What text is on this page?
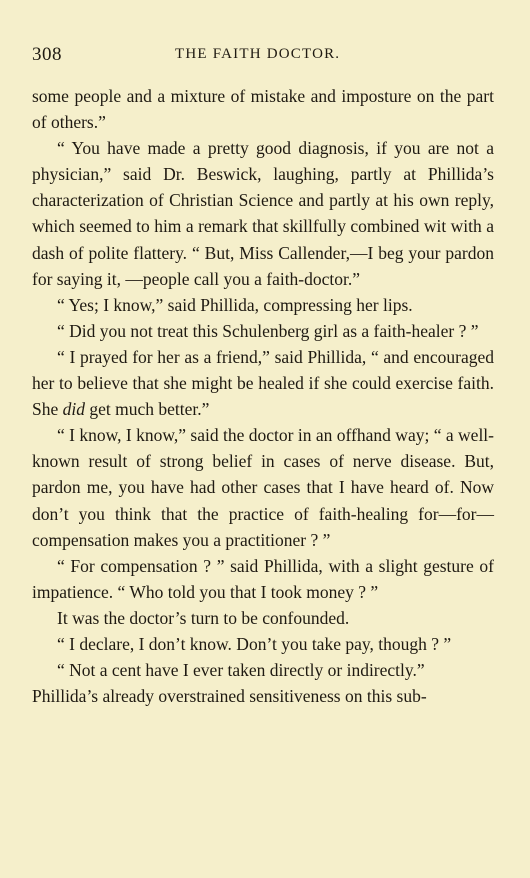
308	THE FAITH DOCTOR.

some people and a mixture of mistake and imposture on the part of others.”

“ You have made a pretty good diagnosis, if you are not a physician,” said Dr. Beswick, laughing, partly at Phillida’s characterization of Christian Science and partly at his own reply, which seemed to him a remark that skillfully combined wit with a dash of polite flattery. “ But, Miss Callender,—I beg your pardon for saying it, —people call you a faith-doctor.”

“ Yes; I know,” said Phillida, compressing her lips.

“ Did you not treat this Schulenberg girl as a faith-healer ? ”

“ I prayed for her as a friend,” said Phillida, “ and encouraged her to believe that she might be healed if she could exercise faith. She did get much better.”

“ I know, I know,” said the doctor in an offhand way; “ a well-known result of strong belief in cases of nerve disease. But, pardon me, you have had other cases that I have heard of. Now don’t you think that the practice of faith-healing for—for—compensation makes you a practitioner ? ”

“ For compensation ? ” said Phillida, with a slight gesture of impatience. “ Who told you that I took money ? ”

It was the doctor’s turn to be confounded.

“ I declare, I don’t know. Don’t you take pay, though ? ”

“ Not a cent have I ever taken directly or indirectly.”

Phillida’s already overstrained sensitiveness on this sub-
